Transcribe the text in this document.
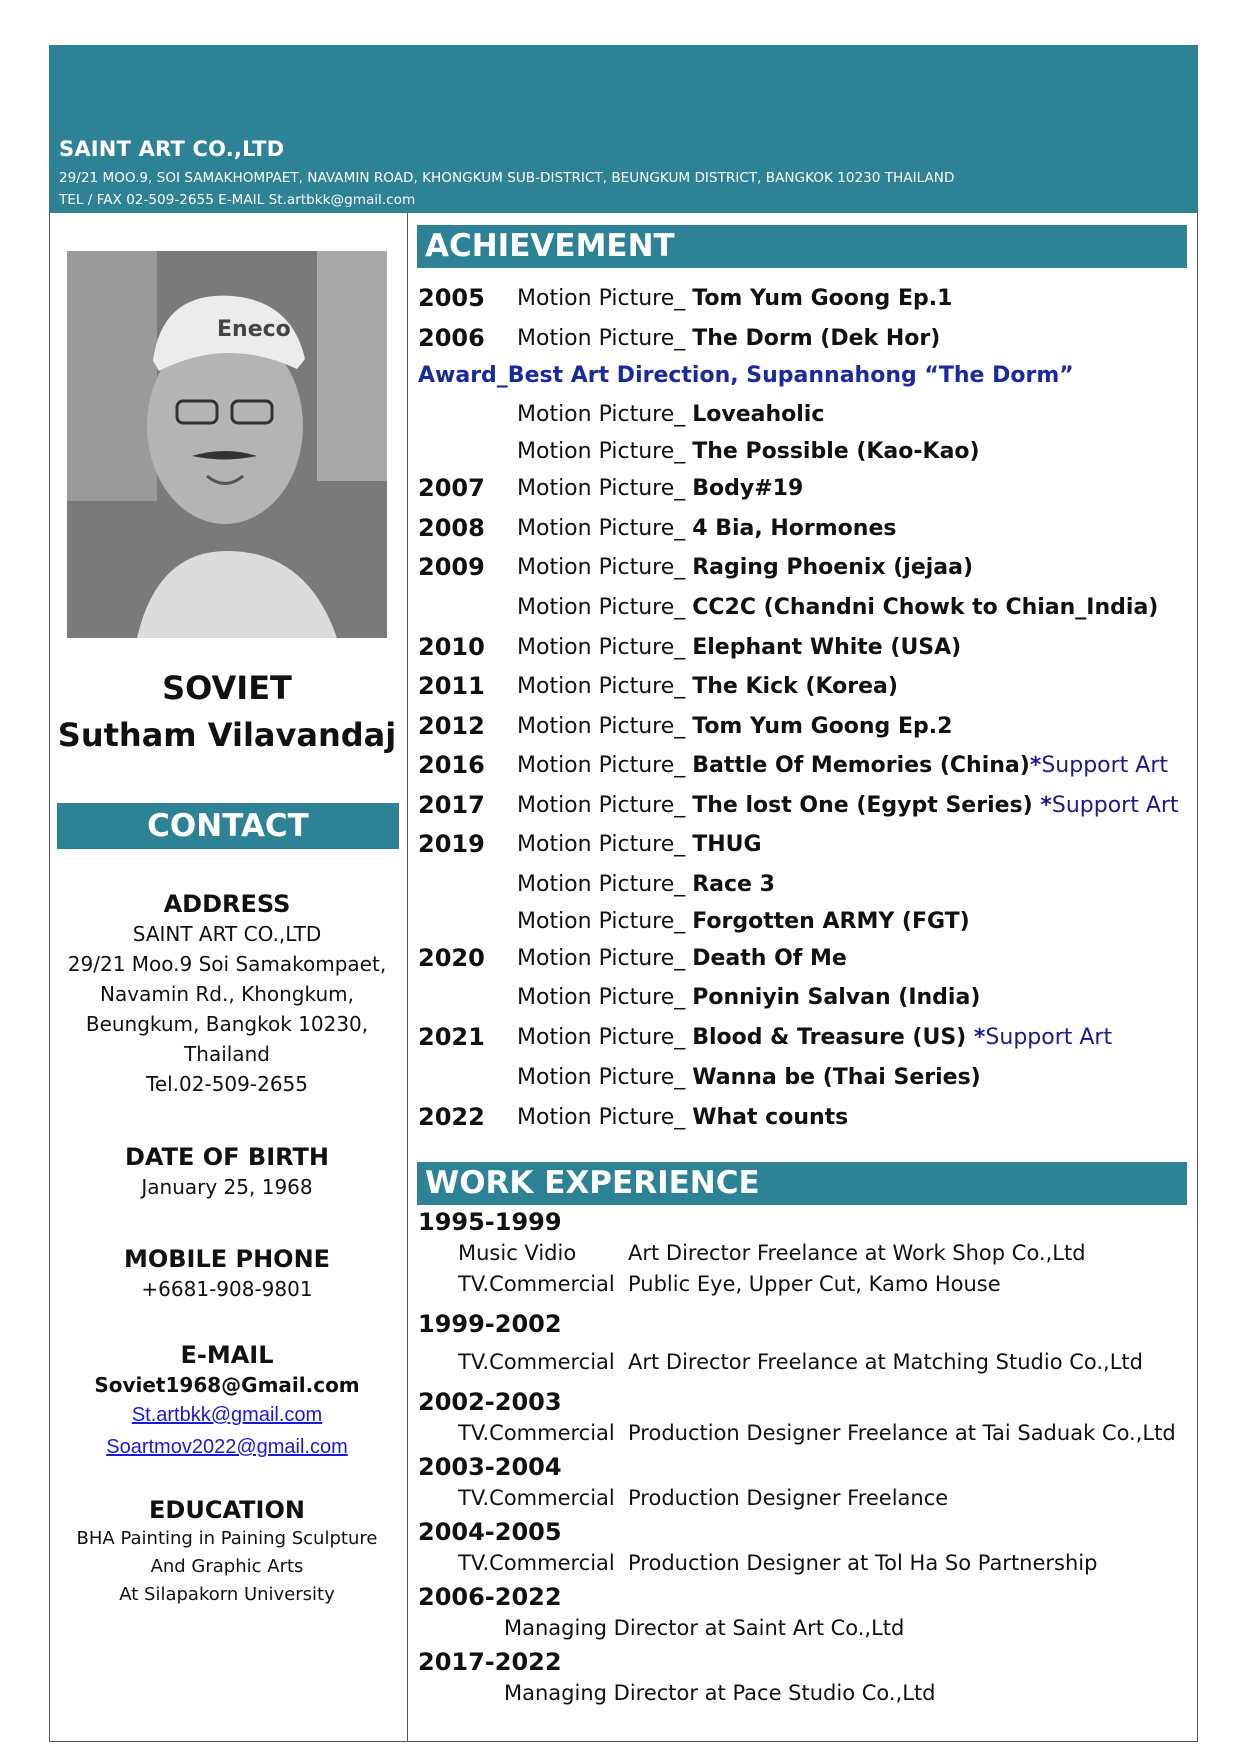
SAINT ART CO.,LTD
29/21 MOO.9, SOI SAMAKHOMPAET, NAVAMIN ROAD, KHONGKUM SUB-DISTRICT, BEUNGKUM DISTRICT, BANGKOK 10230 THAILAND
TEL / FAX 02-509-2655 E-MAIL St.artbkk@gmail.com
Eneco
SOVIET
Sutham Vilavandaj
CONTACT
ADDRESS
SAINT ART CO.,LTD
29/21 Moo.9 Soi Samakompaet,
Navamin Rd., Khongkum,
Beungkum, Bangkok 10230,
Thailand
Tel.02-509-2655
DATE OF BIRTH
January 25, 1968
MOBILE PHONE
+6681-908-9801
E-MAIL
Soviet1968@Gmail.com
St.artbkk@gmail.com
Soartmov2022@gmail.com
EDUCATION
BHA Painting in Paining Sculpture
And Graphic Arts
At Silapakorn University
ACHIEVEMENT
2005 Motion Picture_ Tom Yum Goong Ep.1
2006 Motion Picture_ The Dorm (Dek Hor)
Award_Best Art Direction, Supannahong “The Dorm”
Motion Picture_ Loveaholic
Motion Picture_ The Possible (Kao-Kao)
2007 Motion Picture_ Body#19
2008 Motion Picture_ 4 Bia, Hormones
2009 Motion Picture_ Raging Phoenix (jejaa)
Motion Picture_ CC2C (Chandni Chowk to Chian_India)
2010 Motion Picture_ Elephant White (USA)
2011 Motion Picture_ The Kick (Korea)
2012 Motion Picture_ Tom Yum Goong Ep.2
2016 Motion Picture_ Battle Of Memories (China)*Support Art
2017 Motion Picture_ The lost One (Egypt Series) *Support Art
2019 Motion Picture_ THUG
Motion Picture_ Race 3
Motion Picture_ Forgotten ARMY (FGT)
2020 Motion Picture_ Death Of Me
Motion Picture_ Ponniyin Salvan (India)
2021 Motion Picture_ Blood & Treasure (US) *Support Art
Motion Picture_ Wanna be (Thai Series)
2022 Motion Picture_ What counts
WORK EXPERIENCE
1995-1999
Music Vidio Art Director Freelance at Work Shop Co.,Ltd
TV.Commercial Public Eye, Upper Cut, Kamo House
1999-2002
TV.Commercial Art Director Freelance at Matching Studio Co.,Ltd
2002-2003
TV.Commercial Production Designer Freelance at Tai Saduak Co.,Ltd
2003-2004
TV.Commercial Production Designer Freelance
2004-2005
TV.Commercial Production Designer at Tol Ha So Partnership
2006-2022
Managing Director at Saint Art Co.,Ltd
2017-2022
Managing Director at Pace Studio Co.,Ltd
